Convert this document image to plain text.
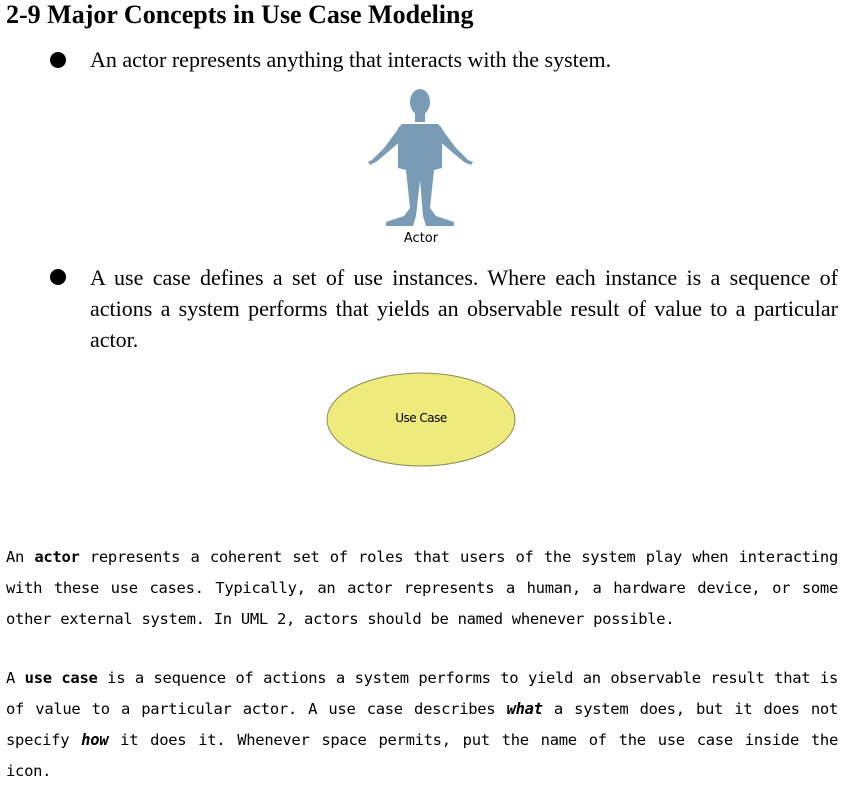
2-9 Major Concepts in Use Case Modeling
An actor represents anything that interacts with the system.
Actor
A use case defines a set of use instances. Where each instance is a sequence of actions a system performs that yields an observable result of value to a particular actor.
Use Case
An actor represents a coherent set of roles that users of the system play when interacting with these use cases. Typically, an actor represents a human, a hardware device, or some other external system. In UML 2, actors should be named whenever possible.
A use case is a sequence of actions a system performs to yield an observable result that is of value to a particular actor. A use case describes what a system does, but it does not specify how it does it. Whenever space permits, put the name of the use case inside the icon.
